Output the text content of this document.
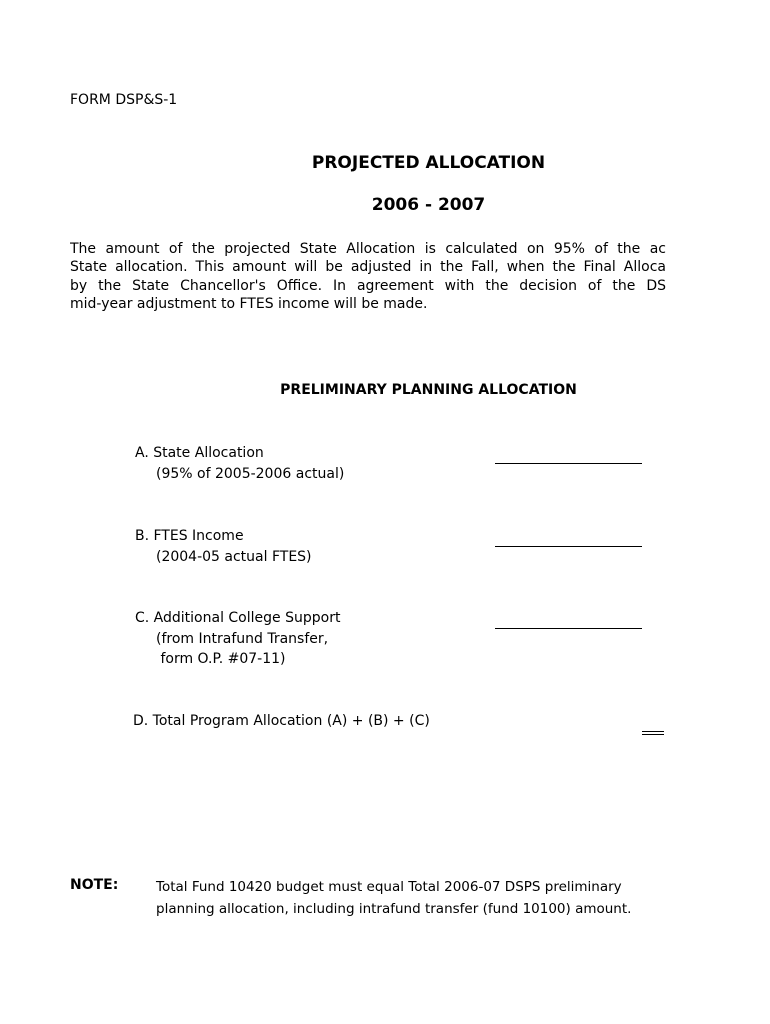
FORM DSP&S-1
PROJECTED ALLOCATION
2006 - 2007
The amount of the projected State Allocation is calculated on 95% of the ac
State allocation. This amount will be adjusted in the Fall, when the Final Alloca
by the State Chancellor's Office. In agreement with the decision of the DS
mid-year adjustment to FTES income will be made.
PRELIMINARY PLANNING ALLOCATION
A. State Allocation
(95% of 2005-2006 actual)
B. FTES Income
(2004-05 actual FTES)
C. Additional College Support
(from Intrafund Transfer,
form O.P. #07-11)
D. Total Program Allocation (A) + (B) + (C)
NOTE:	Total Fund 10420 budget must equal Total 2006-07 DSPS preliminary
planning allocation, including intrafund transfer (fund 10100) amount.
